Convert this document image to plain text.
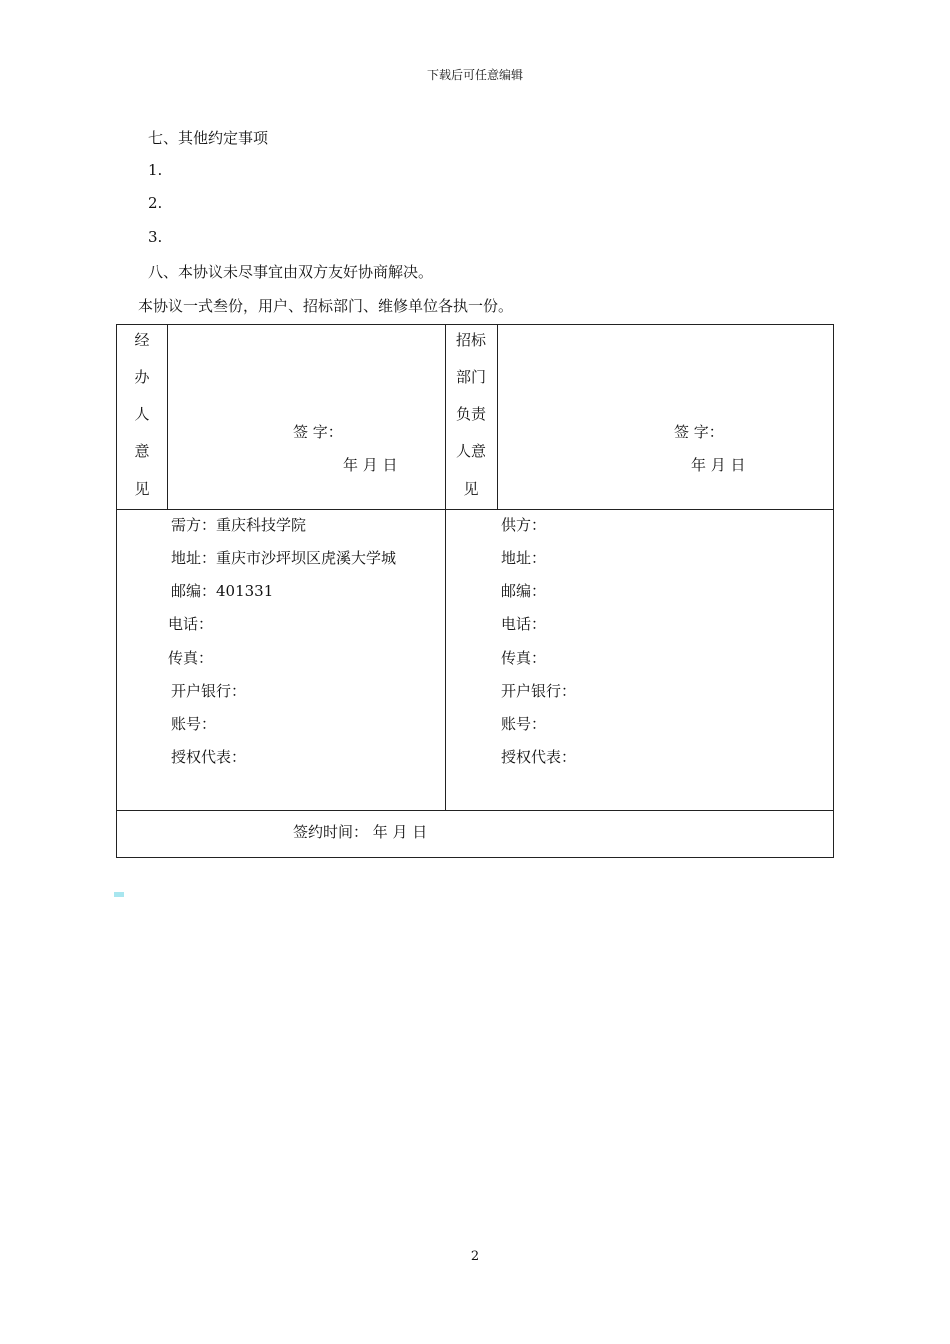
下载后可任意编辑
七、其他约定事项
1.
2.
3.
八、本协议未尽事宜由双方友好协商解决。
本协议一式叁份，用户、招标部门、维修单位各执一份。
经
办
人
意
见
签 字：
年 月 日
招标
部门
负责
人意
见
签 字：
年 月 日
需方：重庆科技学院
地址：重庆市沙坪坝区虎溪大学城
邮编：401331
电话：
传真：
开户银行：
账号：
授权代表：
供方：
地址：
邮编：
电话：
传真：
开户银行：
账号：
授权代表：
签约时间： 年 月 日
2
